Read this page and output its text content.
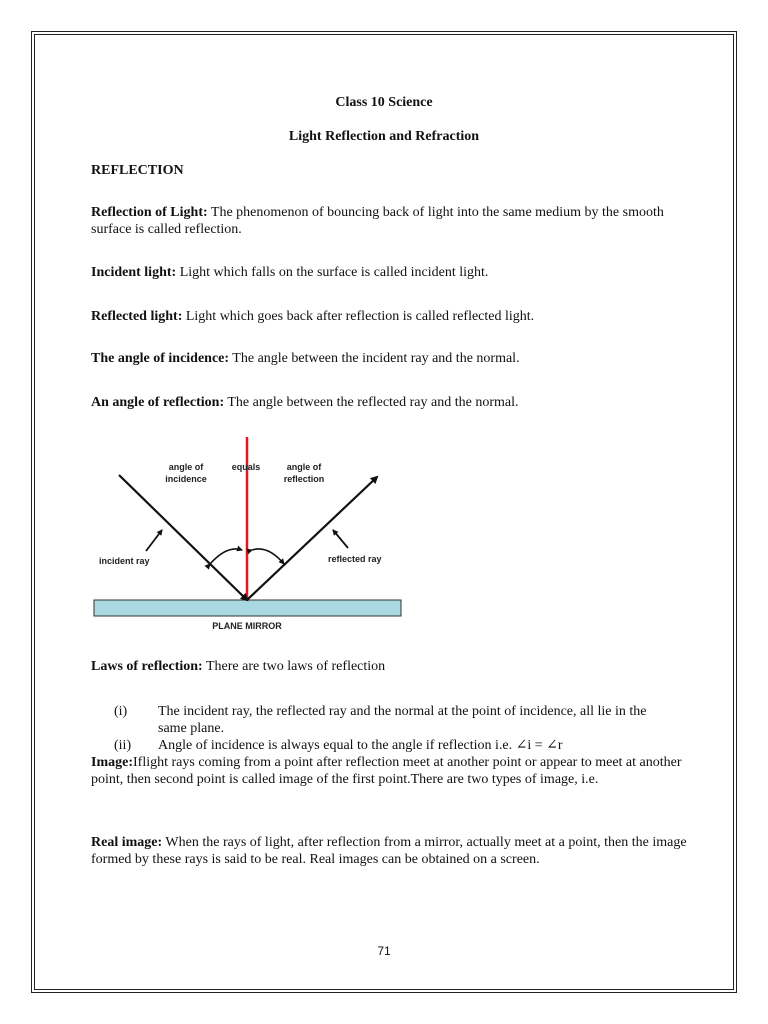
Class 10 Science
Light Reflection and Refraction
REFLECTION
Reflection of Light: The phenomenon of bouncing back of light into the same medium by the smooth surface is called reflection.
Incident light: Light which falls on the surface is called incident light.
Reflected light: Light which goes back after reflection is called reflected light.
The angle of incidence: The angle between the incident ray and the normal.
An angle of reflection: The angle between the reflected ray and the normal.
angle of
incidence
equals	angle of
reflection
incident ray	reflected ray
PLANE MIRROR
Laws of reflection: There are two laws of reflection
(i) The incident ray, the reflected ray and the normal at the point of incidence, all lie in the same plane.
(ii) Angle of incidence is always equal to the angle if reflection i.e. ∠i = ∠r
Image:Iflight rays coming from a point after reflection meet at another point or appear to meet at another point, then second point is called image of the first point.There are two types of image, i.e.
Real image: When the rays of light, after reflection from a mirror, actually meet at a point, then the image formed by these rays is said to be real. Real images can be obtained on a screen.
71
